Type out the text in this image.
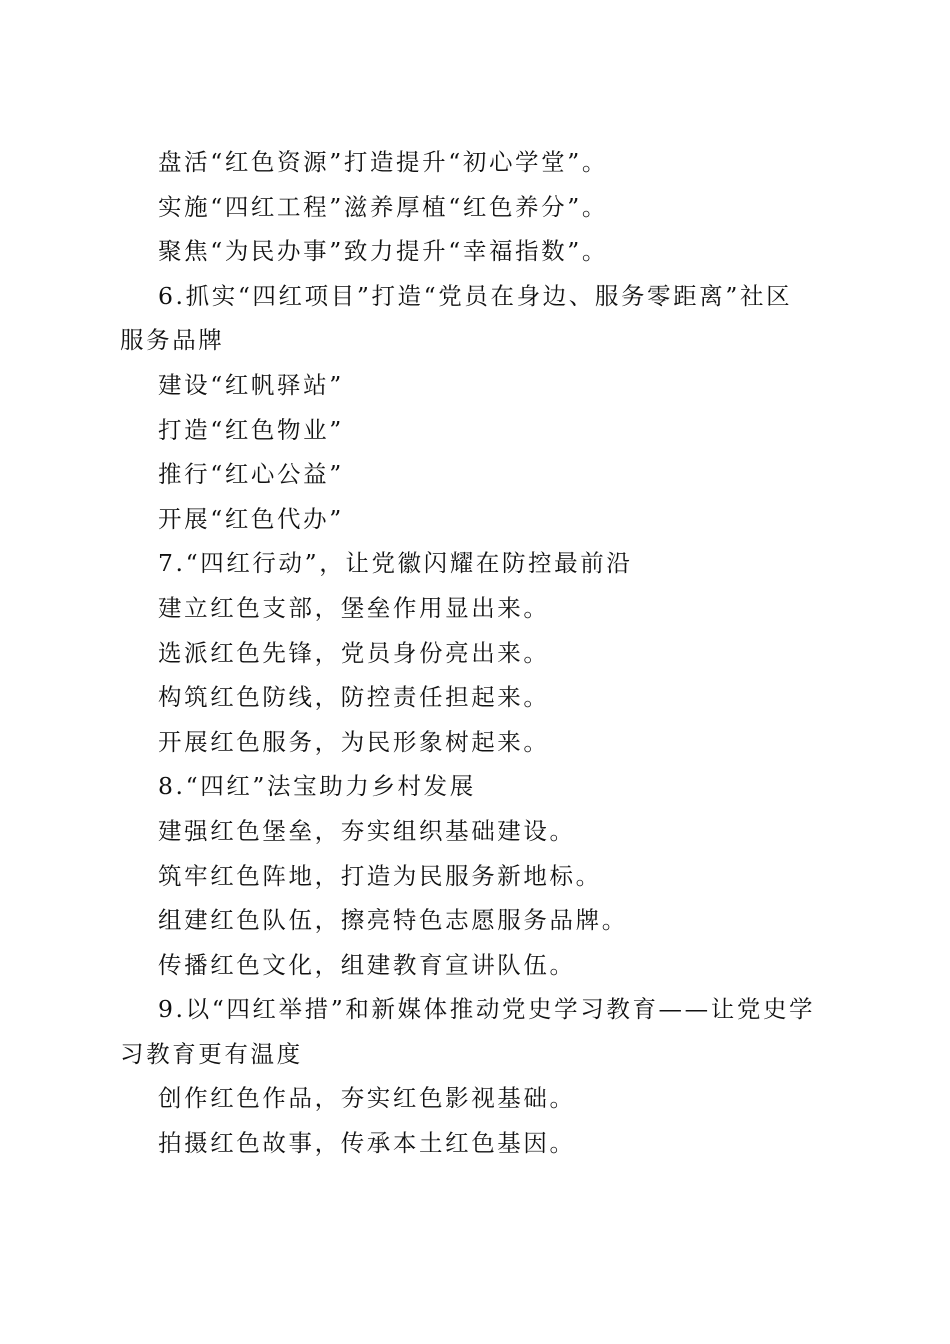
盘活“红色资源”打造提升“初心学堂”。
实施“四红工程”滋养厚植“红色养分”。
聚焦“为民办事”致力提升“幸福指数”。
6.抓实“四红项目”打造“党员在身边、服务零距离”社区
服务品牌
建设“红帆驿站”
打造“红色物业”
推行“红心公益”
开展“红色代办”
7.“四红行动”，让党徽闪耀在防控最前沿
建立红色支部，堡垒作用显出来。
选派红色先锋，党员身份亮出来。
构筑红色防线，防控责任担起来。
开展红色服务，为民形象树起来。
8.“四红”法宝助力乡村发展
建强红色堡垒，夯实组织基础建设。
筑牢红色阵地，打造为民服务新地标。
组建红色队伍，擦亮特色志愿服务品牌。
传播红色文化，组建教育宣讲队伍。
9.以“四红举措”和新媒体推动党史学习教育——让党史学
习教育更有温度
创作红色作品，夯实红色影视基础。
拍摄红色故事，传承本土红色基因。
